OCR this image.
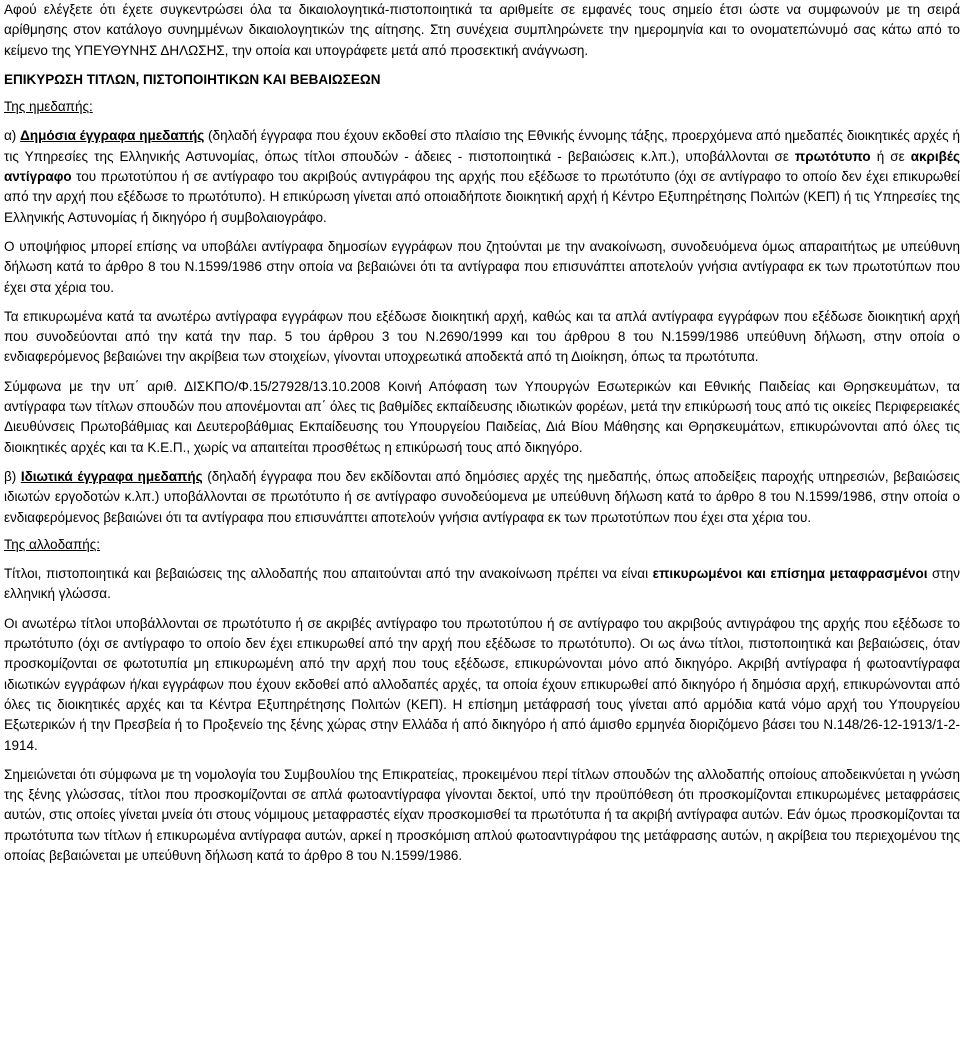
Αφού ελέγξετε ότι έχετε συγκεντρώσει όλα τα δικαιολογητικά-πιστοποιητικά τα αριθμείτε σε εμφανές τους σημείο έτσι ώστε να συμφωνούν με τη σειρά αρίθμησης στον κατάλογο συνημμένων δικαιολογητικών της αίτησης. Στη συνέχεια συμπληρώνετε την ημερομηνία και το ονοματεπώνυμό σας κάτω από το κείμενο της ΥΠΕΥΘΥΝΗΣ ΔΗΛΩΣΗΣ, την οποία και υπογράφετε μετά από προσεκτική ανάγνωση.

ΕΠΙΚΥΡΩΣΗ ΤΙΤΛΩΝ, ΠΙΣΤΟΠΟΙΗΤΙΚΩΝ ΚΑΙ ΒΕΒΑΙΩΣΕΩΝ

Της ημεδαπής:

α) Δημόσια έγγραφα ημεδαπής (δηλαδή έγγραφα που έχουν εκδοθεί στο πλαίσιο της Εθνικής έννομης τάξης, προερχόμενα από ημεδαπές διοικητικές αρχές ή τις Υπηρεσίες της Ελληνικής Αστυνομίας, όπως τίτλοι σπουδών - άδειες - πιστοποιητικά - βεβαιώσεις κ.λπ.), υποβάλλονται σε πρωτότυπο ή σε ακριβές αντίγραφο του πρωτοτύπου ή σε αντίγραφο του ακριβούς αντιγράφου της αρχής που εξέδωσε το πρωτότυπο (όχι σε αντίγραφο το οποίο δεν έχει επικυρωθεί από την αρχή που εξέδωσε το πρωτότυπο). Η επικύρωση γίνεται από οποιαδήποτε διοικητική αρχή ή Κέντρο Εξυπηρέτησης Πολιτών (ΚΕΠ) ή τις Υπηρεσίες της Ελληνικής Αστυνομίας ή δικηγόρο ή συμβολαιογράφο.

Ο υποψήφιος μπορεί επίσης να υποβάλει αντίγραφα δημοσίων εγγράφων που ζητούνται με την ανακοίνωση, συνοδευόμενα όμως απαραιτήτως με υπεύθυνη δήλωση κατά το άρθρο 8 του Ν.1599/1986 στην οποία να βεβαιώνει ότι τα αντίγραφα που επισυνάπτει αποτελούν γνήσια αντίγραφα εκ των πρωτοτύπων που έχει στα χέρια του.

Τα επικυρωμένα κατά τα ανωτέρω αντίγραφα εγγράφων που εξέδωσε διοικητική αρχή, καθώς και τα απλά αντίγραφα εγγράφων που εξέδωσε διοικητική αρχή που συνοδεύονται από την κατά την παρ. 5 του άρθρου 3 του Ν.2690/1999 και του άρθρου 8 του Ν.1599/1986 υπεύθυνη δήλωση, στην οποία ο ενδιαφερόμενος βεβαιώνει την ακρίβεια των στοιχείων, γίνονται υποχρεωτικά αποδεκτά από τη Διοίκηση, όπως τα πρωτότυπα.

Σύμφωνα με την υπ΄ αριθ. ΔΙΣΚΠΟ/Φ.15/27928/13.10.2008 Κοινή Απόφαση των Υπουργών Εσωτερικών και Εθνικής Παιδείας και Θρησκευμάτων, τα αντίγραφα των τίτλων σπουδών που απονέμονται απ΄ όλες τις βαθμίδες εκπαίδευσης ιδιωτικών φορέων, μετά την επικύρωσή τους από τις οικείες Περιφερειακές Διευθύνσεις Πρωτοβάθμιας και Δευτεροβάθμιας Εκπαίδευσης του Υπουργείου Παιδείας, Διά Βίου Μάθησης και Θρησκευμάτων, επικυρώνονται από όλες τις διοικητικές αρχές και τα Κ.Ε.Π., χωρίς να απαιτείται προσθέτως η επικύρωσή τους από δικηγόρο.

β) Ιδιωτικά έγγραφα ημεδαπής (δηλαδή έγγραφα που δεν εκδίδονται από δημόσιες αρχές της ημεδαπής, όπως αποδείξεις παροχής υπηρεσιών, βεβαιώσεις ιδιωτών εργοδοτών κ.λπ.) υποβάλλονται σε πρωτότυπο ή σε αντίγραφο συνοδεύομενα με υπεύθυνη δήλωση κατά το άρθρο 8 του Ν.1599/1986, στην οποία ο ενδιαφερόμενος βεβαιώνει ότι τα αντίγραφα που επισυνάπτει αποτελούν γνήσια αντίγραφα εκ των πρωτοτύπων που έχει στα χέρια του.

Της αλλοδαπής:

Τίτλοι, πιστοποιητικά και βεβαιώσεις της αλλοδαπής που απαιτούνται από την ανακοίνωση πρέπει να είναι επικυρωμένοι και επίσημα μεταφρασμένοι στην ελληνική γλώσσα.

Οι ανωτέρω τίτλοι υποβάλλονται σε πρωτότυπο ή σε ακριβές αντίγραφο του πρωτοτύπου ή σε αντίγραφο του ακριβούς αντιγράφου της αρχής που εξέδωσε το πρωτότυπο (όχι σε αντίγραφο το οποίο δεν έχει επικυρωθεί από την αρχή που εξέδωσε το πρωτότυπο). Οι ως άνω τίτλοι, πιστοποιητικά και βεβαιώσεις, όταν προσκομίζονται σε φωτοτυπία μη επικυρωμένη από την αρχή που τους εξέδωσε, επικυρώνονται μόνο από δικηγόρο. Ακριβή αντίγραφα ή φωτοαντίγραφα ιδιωτικών εγγράφων ή/και εγγράφων που έχουν εκδοθεί από αλλοδαπές αρχές, τα οποία έχουν επικυρωθεί από δικηγόρο ή δημόσια αρχή, επικυρώνονται από όλες τις διοικητικές αρχές και τα Κέντρα Εξυπηρέτησης Πολιτών (ΚΕΠ). Η επίσημη μετάφρασή τους γίνεται από αρμόδια κατά νόμο αρχή του Υπουργείου Εξωτερικών ή την Πρεσβεία ή το Προξενείο της ξένης χώρας στην Ελλάδα ή από δικηγόρο ή από άμισθο ερμηνέα διοριζόμενο βάσει του Ν.148/26-12-1913/1-2-1914.

Σημειώνεται ότι σύμφωνα με τη νομολογία του Συμβουλίου της Επικρατείας, προκειμένου περί τίτλων σπουδών της αλλοδαπής οποίους αποδεικνύεται η γνώση της ξένης γλώσσας, τίτλοι που προσκομίζονται σε απλά φωτοαντίγραφα γίνονται δεκτοί, υπό την προϋπόθεση ότι προσκομίζονται επικυρωμένες μεταφράσεις αυτών, στις οποίες γίνεται μνεία ότι στους νόμιμους μεταφραστές είχαν προσκομισθεί τα πρωτότυπα ή τα ακριβή αντίγραφα αυτών. Εάν όμως προσκομίζονται τα πρωτότυπα των τίτλων ή επικυρωμένα αντίγραφα αυτών, αρκεί η προσκόμιση απλού φωτοαντιγράφου της μετάφρασης αυτών, η ακρίβεια του περιεχομένου της οποίας βεβαιώνεται με υπεύθυνη δήλωση κατά το άρθρο 8 του Ν.1599/1986.
